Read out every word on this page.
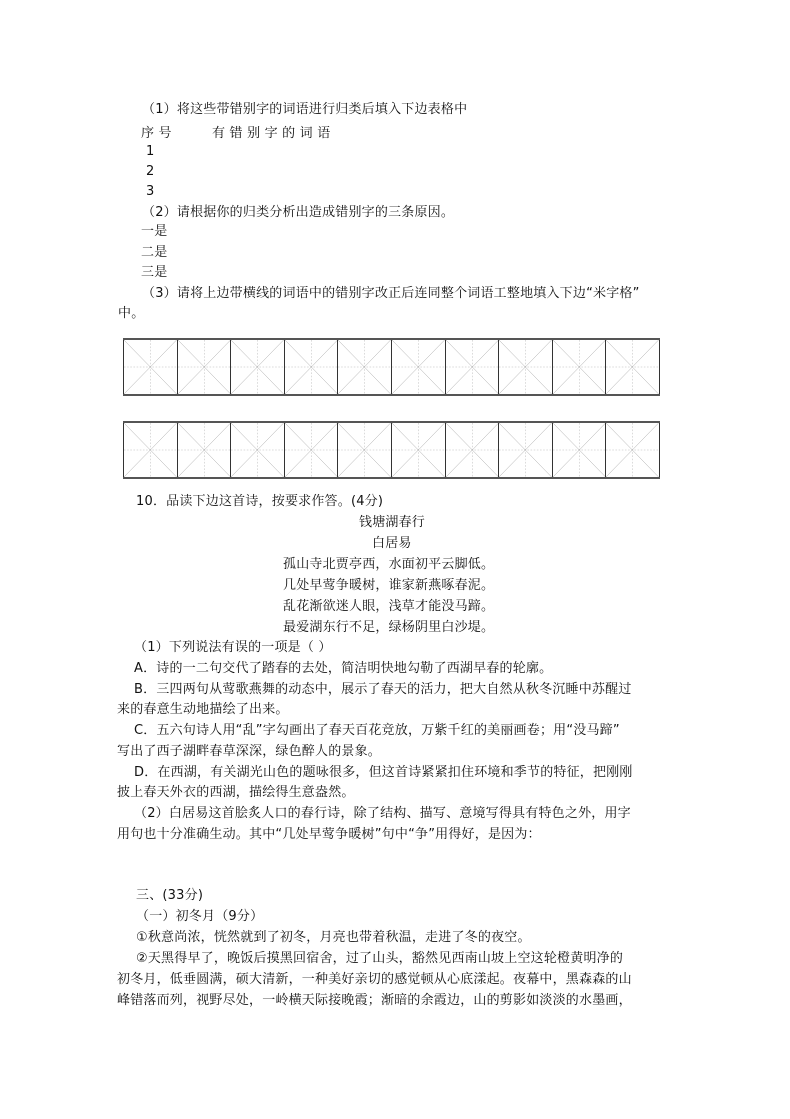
（1）将这些带错别字的词语进行归类后填入下边表格中
序 号	有 错 别 字 的 词 语
1
2
3
（2）请根据你的归类分析出造成错别字的三条原因。
一是
二是
三是
（3）请将上边带横线的词语中的错别字改正后连同整个词语工整地填入下边“米字格”
中。
10．品读下边这首诗，按要求作答。(4分)
钱塘湖春行
白居易
孤山寺北贾亭西，水面初平云脚低。
几处早莺争暖树，谁家新燕啄春泥。
乱花渐欲迷人眼，浅草才能没马蹄。
最爱湖东行不足，绿杨阴里白沙堤。
（1）下列说法有误的一项是（ ）
A．诗的一二句交代了踏春的去处，简洁明快地勾勒了西湖早春的轮廓。
B．三四两句从莺歌燕舞的动态中，展示了春天的活力，把大自然从秋冬沉睡中苏醒过
来的春意生动地描绘了出来。
C．五六句诗人用“乱”字勾画出了春天百花竞放，万紫千红的美丽画卷；用“没马蹄”
写出了西子湖畔春草深深，绿色醉人的景象。
D．在西湖，有关湖光山色的题咏很多，但这首诗紧紧扣住环境和季节的特征，把刚刚
披上春天外衣的西湖，描绘得生意盎然。
（2）白居易这首脍炙人口的春行诗，除了结构、描写、意境写得具有特色之外，用字
用句也十分准确生动。其中“几处早莺争暖树”句中“争”用得好，是因为：
三、(33分)
（一）初冬月（9分）
①秋意尚浓，恍然就到了初冬，月亮也带着秋温，走进了冬的夜空。
②天黑得早了，晚饭后摸黑回宿舍，过了山头，豁然见西南山坡上空这轮橙黄明净的
初冬月，低垂圆满，硕大清新，一种美好亲切的感觉顿从心底漾起。夜幕中，黑森森的山
峰错落而列，视野尽处，一岭横天际接晚霞；渐暗的余霞边，山的剪影如淡淡的水墨画，
